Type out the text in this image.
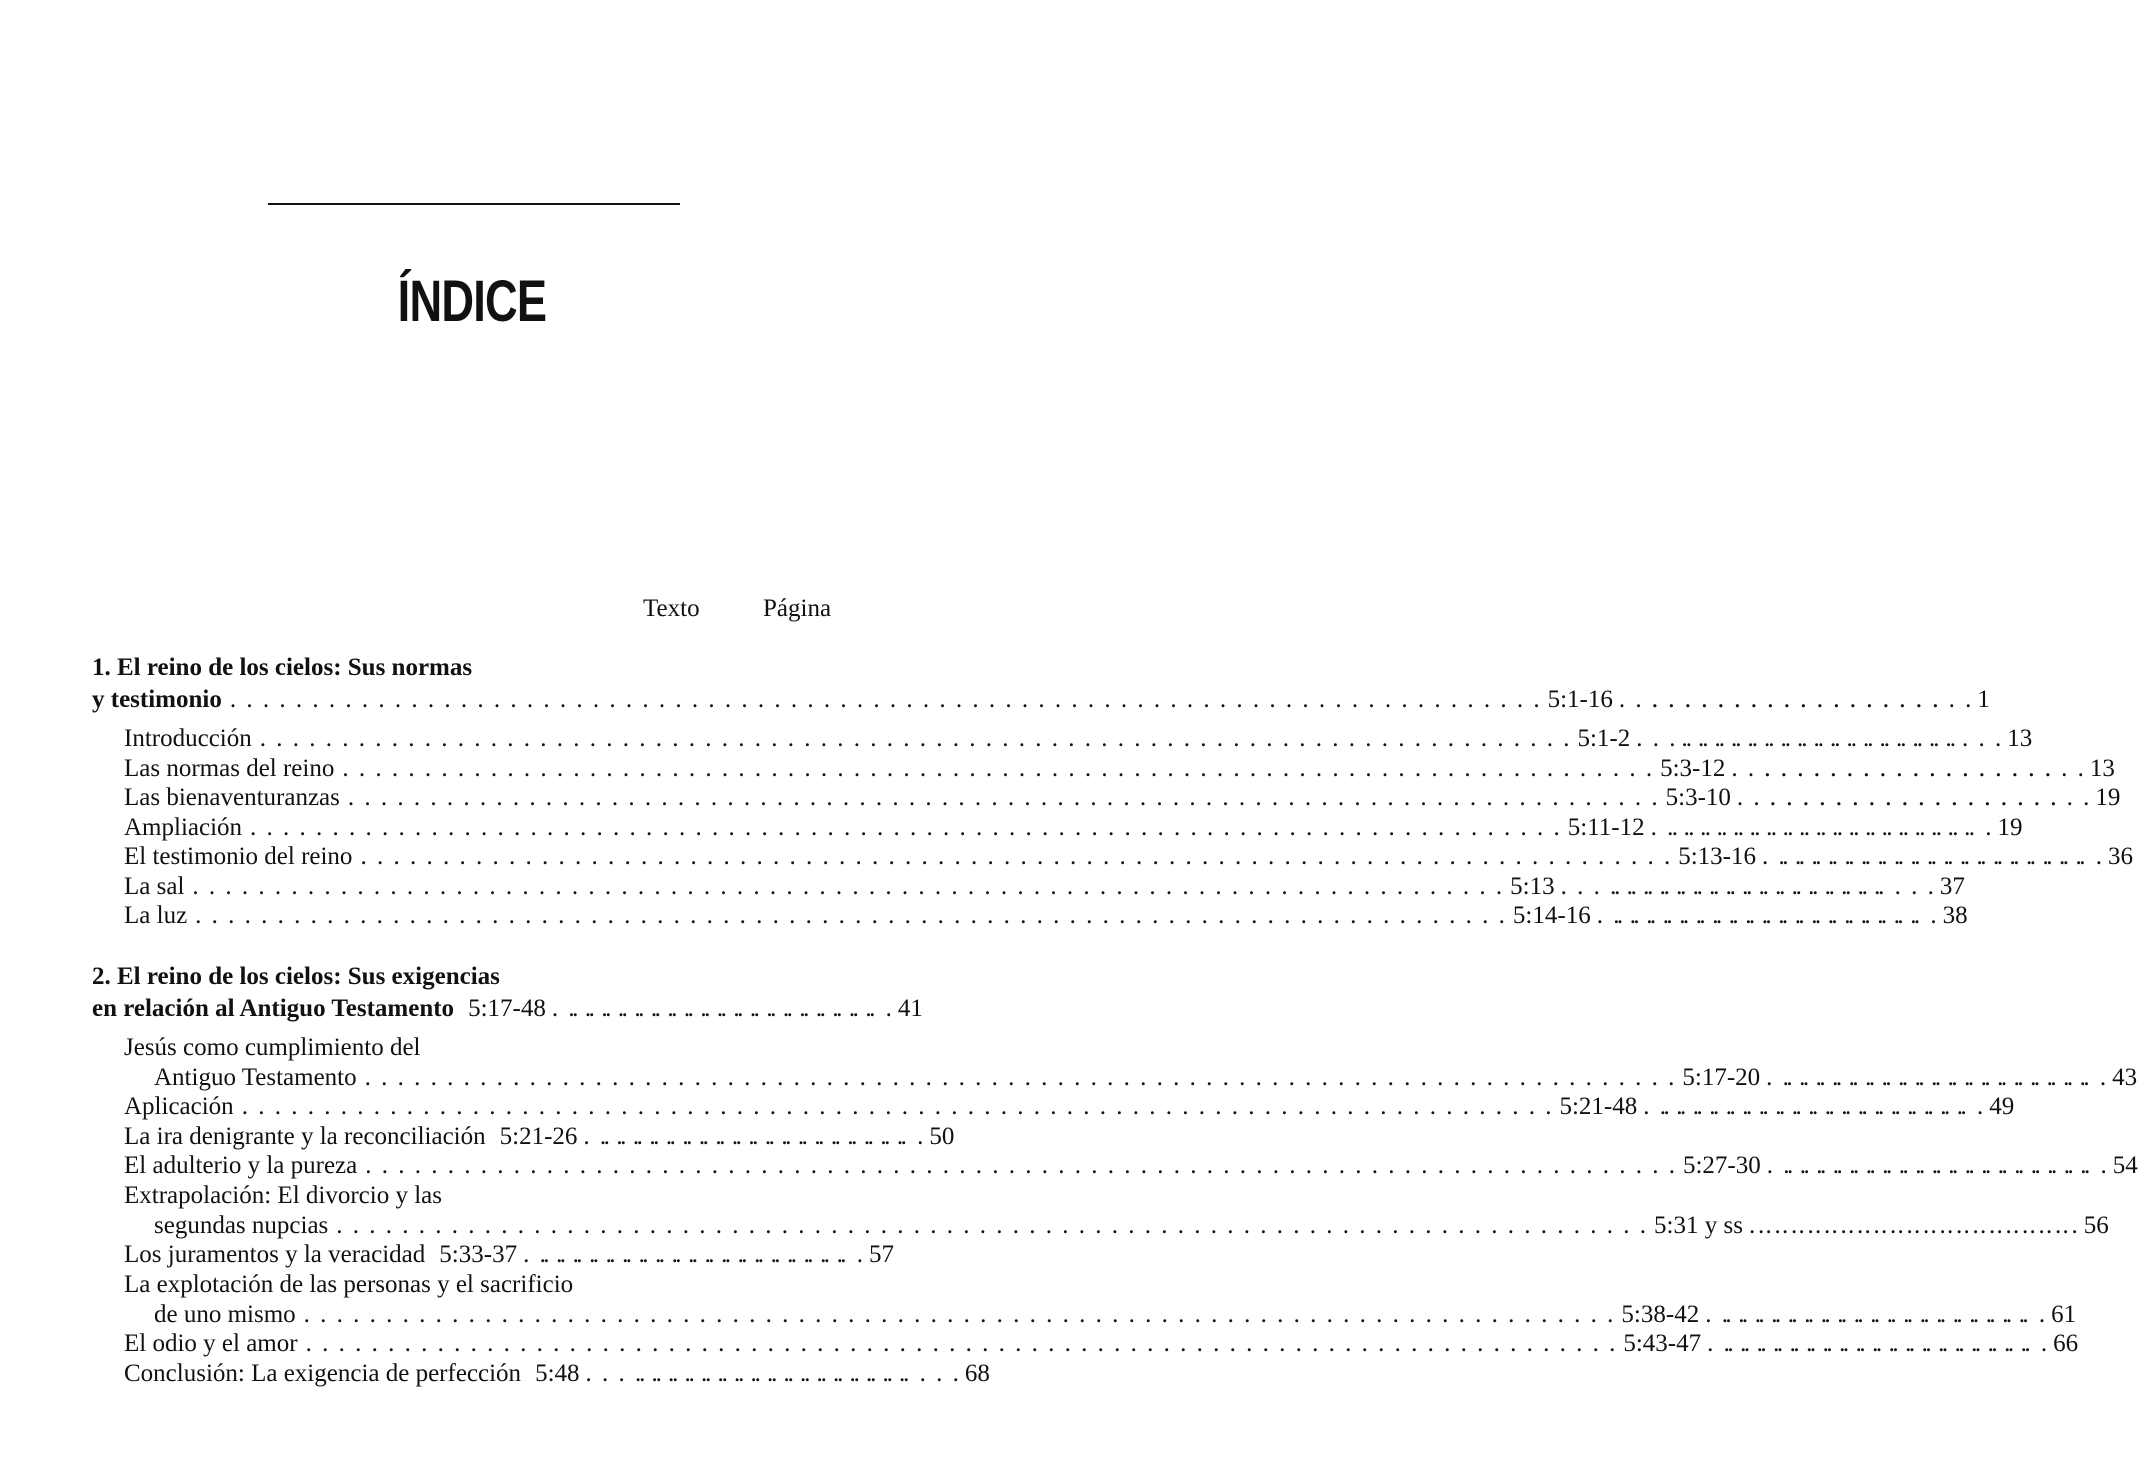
ÍNDICE
Texto	Página
1. El reino de los cielos: Sus normas
y testimonio . . .	5:1-16 . . . . . .	1
Introducción . . .	5:1-2 . . . . . .	13
Las normas del reino . . .	5:3-12 . . . . . .	13
Las bienaventuranzas . . .	5:3-10 . . . . . .	19
Ampliación . . .	5:11-12 . . . . . .	19
El testimonio del reino . . .	5:13-16 . . . . . .	36
La sal . . .	5:13 . . . . . .	37
La luz . . .	5:14-16 . . . . . .	38
2. El reino de los cielos: Sus exigencias
en relación al Antiguo Testamento 5:17-48 . . . . . .	41
Jesús como cumplimiento del
Antiguo Testamento . . .	5:17-20 . . . . . .	43
Aplicación . . .	5:21-48 . . . . . .	49
La ira denigrante y la reconciliación 5:21-26 . . . . . .	50
El adulterio y la pureza . . .	5:27-30 . . . . . .	54
Extrapolación: El divorcio y las
segundas nupcias . . .	5:31 y ss . . . . . .	56
Los juramentos y la veracidad 5:33-37 . . . . . .	57
La explotación de las personas y el sacrificio
de uno mismo . . .	5:38-42 . . . . . .	61
El odio y el amor . . .	5:43-47 . . . . . .	66
Conclusión: La exigencia de perfección 5:48 . . . . . .	68
